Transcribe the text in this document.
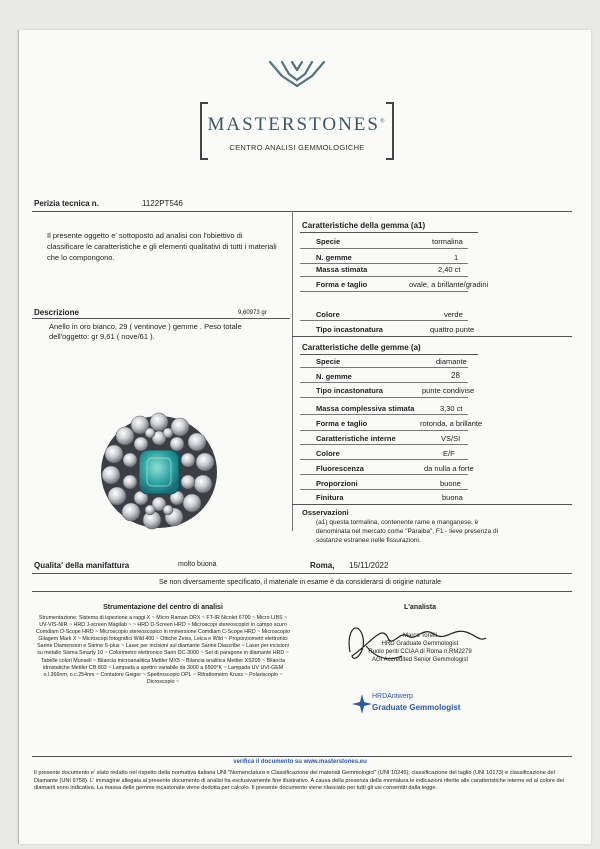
MASTERSTONES®
CENTRO ANALISI GEMMOLOGICHE
Perizia tecnica n.	1122PT546
Il presente oggetto e' sottoposto ad analisi con l'obiettivo di classificare le caratteristiche e gli elementi qualitativi di tutti i materiali che lo compongono.
Descrizione	9,60973 gr
Anello in oro bianco, 29 ( ventinove ) gemme . Peso totale dell'oggetto: gr 9,61 ( nove/61 ).
Caratteristiche della gemma (a1)
Specie	tormalina
N. gemme	1
Massa stimata	2,40 ct
Forma e taglio	ovale, a brillante/gradini
Colore	verde
Tipo incastonatura	quattro punte
Caratteristiche delle gemme (a)
Specie	diamante
N. gemme	28
Tipo incastonatura	punte condivise
Massa complessiva stimata	3,30 ct
Forma e taglio	rotonda, a brillante
Caratteristiche interne	VS/SI
Colore	E/F
Fluorescenza	da nulla a forte
Proporzioni	buone
Finitura	buona
Osservazioni
(a1) questa tormalina, contenente rame e manganese, è denominata nel mercato come "Paraiba", F1 - lieve presenza di sostanze estranee nelle fissurazioni.
Qualita' della manifattura	molto buona	Roma, 15/11/2022
Se non diversamente specificato, il materiale in esame è da considerarsi di origine naturale
Strumentazione del centro di analisi
Strumentazione: Sistema di ispezione a raggi X ~ Micro Raman DRX ~ FT-IR Nicolet 6700 ~ Micro LIBS ~ UV-VIS-NIR ~ HRD J-screen Magilab ~ ~ HRD D-Screen HRD ~ Microscopi stereoscopici in campo scuro Comdiam D-Scope HRD ~ Microscopio stereoscopico in immersione Comdiam C-Scope HRD ~ Microscopio Gilagem Mark X ~ Microscopi fotografici Wild 400 ~ Ottiche Zeiss, Leica e Wild ~ Proporziometri elettronici Sarine Diamension e Sarine S-plus ~ Laser per incisioni sul diamante Sarine Diascribe ~ Laser per incisioni su metallo Sisma Smarty 10 ~ Colorimetro elettronico Sarin DC-3000 ~ Set di paragone in diamante HRD ~ Tabelle colori Munsell ~ Bilancia microanalitica Mettler MX5 ~ Bilancia analitica Mettler XS205 ~ Bilancia idrostatiche Mettler CB 803 ~ Lampada a spettro variabile da 3000 a 6500°K ~ Lampada UV UVI-GEM o.l.366nm, o.c.254nm ~ Contatore Geiger ~ Spettroscopio OPL ~ Rifrattometro Kruss ~ Polariscopio ~ Dicroscopio ~
L'analista
Marco Torelli
HRD Graduate Gemmologist
Ruolo periti CCIAA di Roma n.RM2279
AGI Accredited Senior Gemmologist
HRDAntwerp
Graduate Gemmologist
verifica il documento su www.masterstones.eu
Il presente documento e' stato redatto nel rispetto della normativa italiana UNI "Nomenclatura e Classificazione dei materiali Gemmologici" (UNI 10245), classificazione del taglio (UNI 10173) e classificazione del Diamante (UNI 9758). L' immagine allegata al presente documento di analisi ha esclusivamente fine illustrativo. A causa della presenza della montatura le indicazioni riferite alle caratteristiche interne ed al colore dei diamanti sono indicativa. La massa delle gemme incastonate viene dedotta per calcolo. Il presente documento viene rilasciato per tutti gli usi consentiti dalla legge.
